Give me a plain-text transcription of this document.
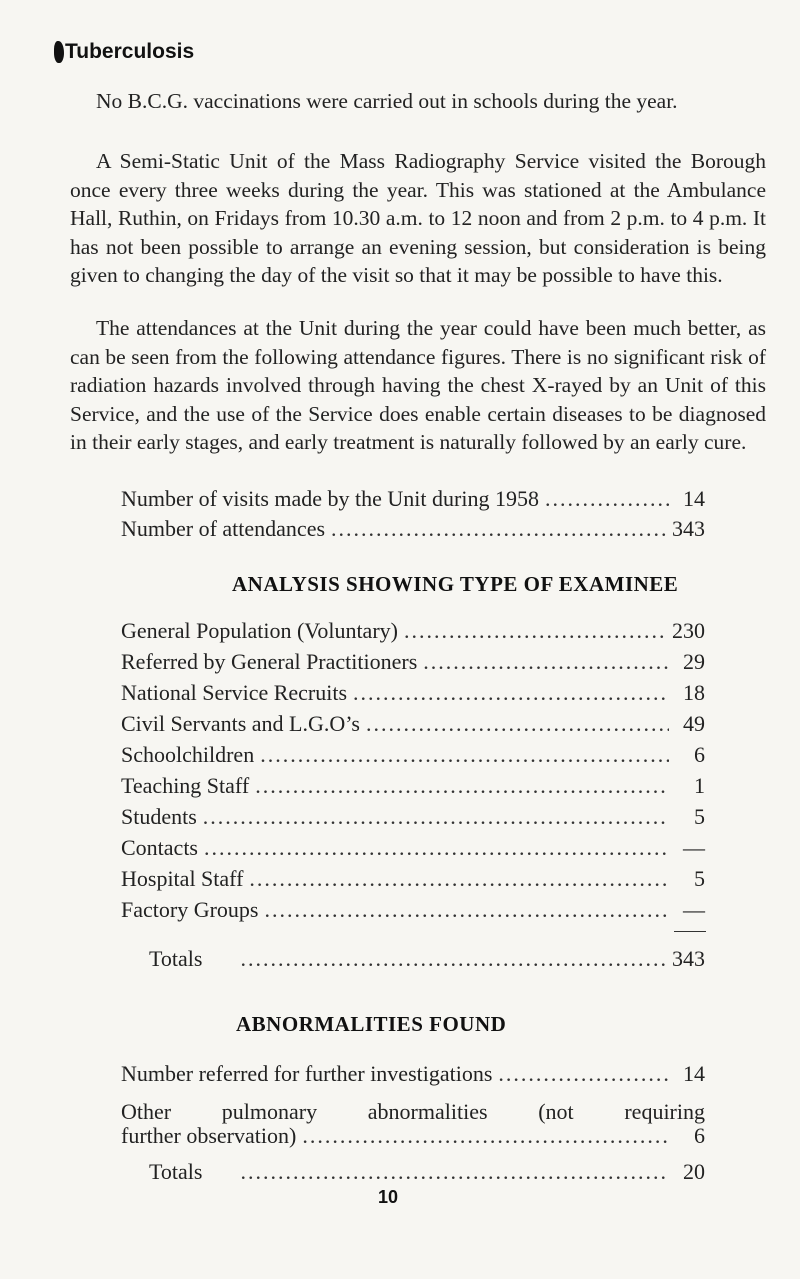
Tuberculosis
No B.C.G. vaccinations were carried out in schools during the year.
A Semi-Static Unit of the Mass Radiography Service visited the Borough once every three weeks during the year. This was stationed at the Ambulance Hall, Ruthin, on Fridays from 10.30 a.m. to 12 noon and from 2 p.m. to 4 p.m. It has not been possible to arrange an evening session, but consideration is being given to changing the day of the visit so that it may be possible to have this.
The attendances at the Unit during the year could have been much better, as can be seen from the following attendance figures. There is no significant risk of radiation hazards involved through having the chest X-rayed by an Unit of this Service, and the use of the Service does enable certain diseases to be diagnosed in their early stages, and early treatment is naturally followed by an early cure.
Number of visits made by the Unit during 1958 .....	14
Number of attendances .....	343
ANALYSIS SHOWING TYPE OF EXAMINEE
General Population (Voluntary) .....	230
Referred by General Practitioners .....	29
National Service Recruits .....	18
Civil Servants and L.G.O’s .....	49
Schoolchildren .....	6
Teaching Staff .....	1
Students .....	5
Contacts .....	—
Hospital Staff .....	5
Factory Groups .....	—
Totals .....	343
ABNORMALITIES FOUND
Number referred for further investigations .....	14
Other pulmonary abnormalities (not requiring
further observation) .....	6
Totals .....	20
10
